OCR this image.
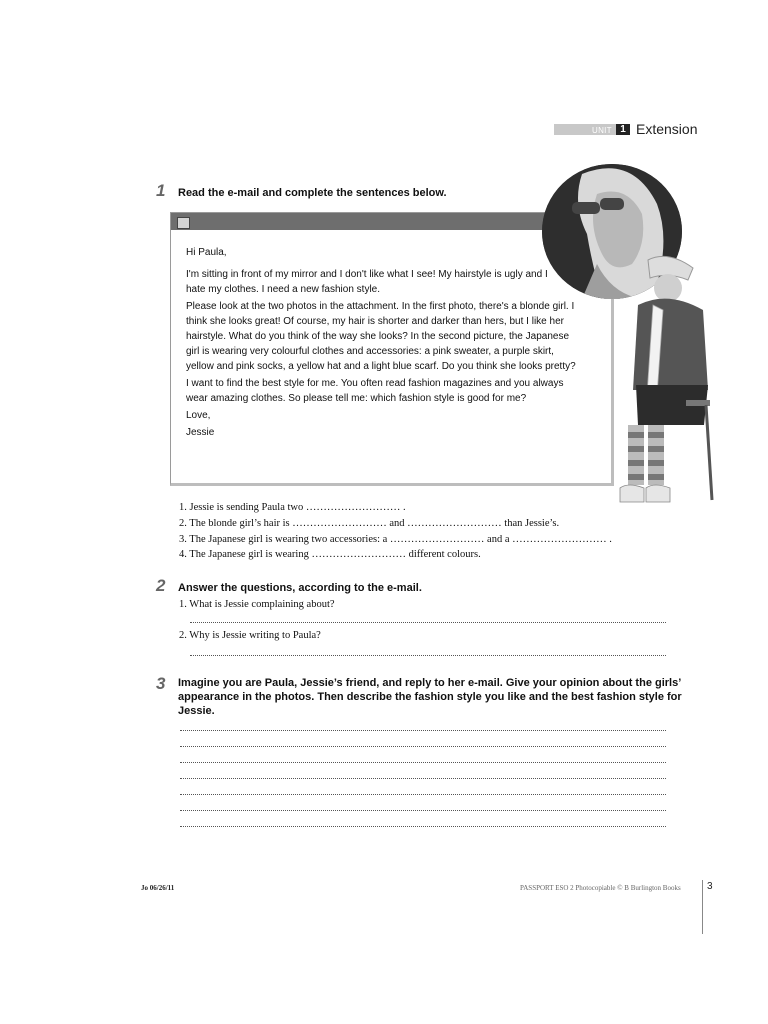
UNIT 1 Extension
1 Read the e-mail and complete the sentences below.

Hi Paula,

I'm sitting in front of my mirror and I don't like what I see! My hairstyle is ugly and I hate my clothes. I need a new fashion style.

Please look at the two photos in the attachment. In the first photo, there's a blonde girl. I think she looks great! Of course, my hair is shorter and darker than hers, but I like her hairstyle. What do you think of the way she looks? In the second picture, the Japanese girl is wearing very colourful clothes and accessories: a pink sweater, a purple skirt, yellow and pink socks, a yellow hat and a light blue scarf. Do you think she looks pretty?

I want to find the best style for me. You often read fashion magazines and you always wear amazing clothes. So please tell me: which fashion style is good for me?

Love,

Jessie

1. Jessie is sending Paula two ……………………… .
2. The blonde girl’s hair is ……………………… and ……………………… than Jessie’s.
3. The Japanese girl is wearing two accessories: a ……………………… and a ……………………… .
4. The Japanese girl is wearing ……………………… different colours.
2 Answer the questions, according to the e-mail.
1. What is Jessie complaining about?
2. Why is Jessie writing to Paula?
3 Imagine you are Paula, Jessie’s friend, and reply to her e-mail. Give your opinion about the girls’ appearance in the photos. Then describe the fashion style you like and the best fashion style for Jessie.
Jo 06/26/11	PASSPORT ESO 2 Photocopiable © B Burlington Books	3
